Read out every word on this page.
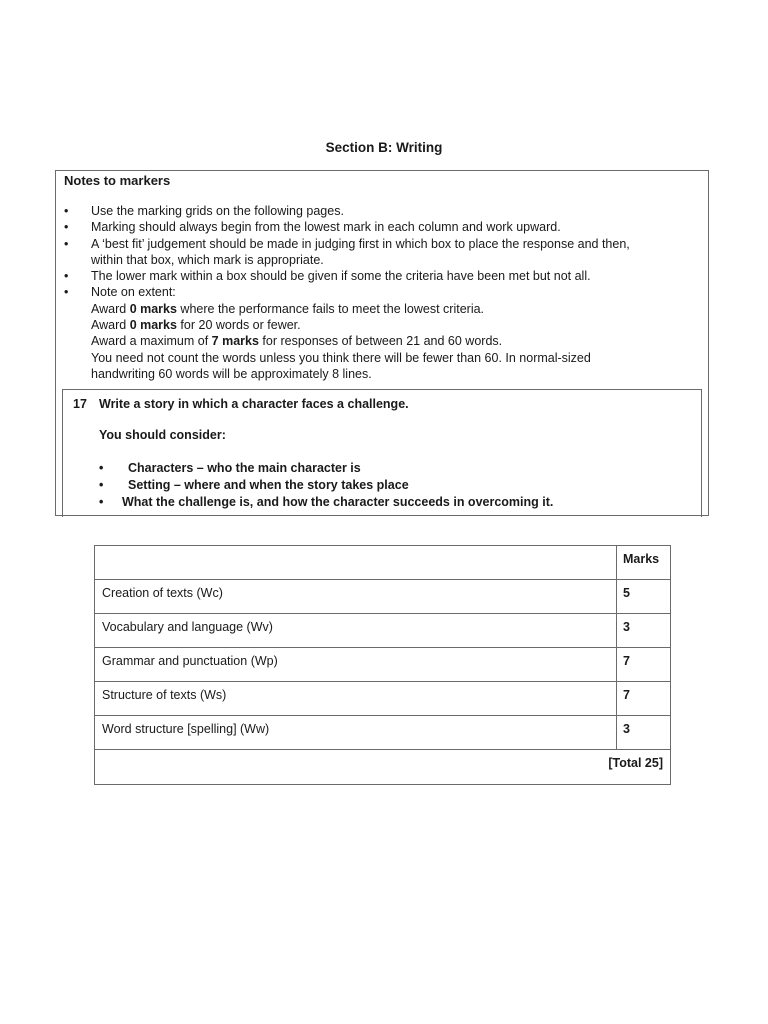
Section B: Writing
Notes to markers
•	Use the marking grids on the following pages.
•	Marking should always begin from the lowest mark in each column and work upward.
•	A ‘best fit’ judgement should be made in judging first in which box to place the response and then,
within that box, which mark is appropriate.
•	The lower mark within a box should be given if some the criteria have been met but not all.
•	Note on extent:
Award 0 marks where the performance fails to meet the lowest criteria.
Award 0 marks for 20 words or fewer.
Award a maximum of 7 marks for responses of between 21 and 60 words.
You need not count the words unless you think there will be fewer than 60. In normal-sized
handwriting 60 words will be approximately 8 lines.
17 Write a story in which a character faces a challenge.
You should consider:
• Characters – who the main character is
• Setting – where and when the story takes place
• What the challenge is, and how the character succeeds in overcoming it.
	Marks
Creation of texts (Wc)	5
Vocabulary and language (Wv)	3
Grammar and punctuation (Wp)	7
Structure of texts (Ws)	7
Word structure [spelling] (Ww)	3
[Total 25]	
